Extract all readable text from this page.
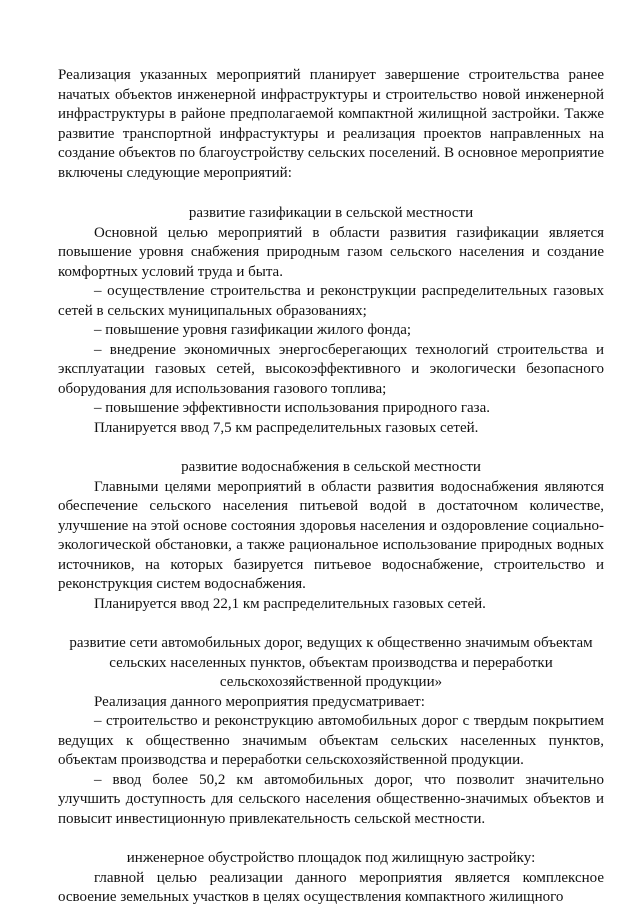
Реализация указанных мероприятий планирует завершение строительства ранее начатых объектов инженерной инфраструктуры и строительство новой инженерной инфраструктуры в районе предполагаемой компактной жилищной застройки. Также развитие транспортной инфрастуктуры и реализация проектов направленных на создание объектов по благоустройству сельских поселений. В основное мероприятие включены следующие мероприятий:

развитие газификации в сельской местности

Основной целью мероприятий в области развития газификации является повышение уровня снабжения природным газом сельского населения и создание комфортных условий труда и быта.

– осуществление строительства и реконструкции распределительных газовых сетей в сельских муниципальных образованиях;

– повышение уровня газификации жилого фонда;

– внедрение экономичных энергосберегающих технологий строительства и эксплуатации газовых сетей, высокоэффективного и экологически безопасного оборудования для использования газового топлива;

– повышение эффективности использования природного газа.

Планируется ввод 7,5 км распределительных газовых сетей.

развитие водоснабжения в сельской местности

Главными целями мероприятий в области развития водоснабжения являются обеспечение сельского населения питьевой водой в достаточном количестве, улучшение на этой основе состояния здоровья населения и оздоровление социально-экологической обстановки, а также рациональное использование природных водных источников, на которых базируется питьевое водоснабжение, строительство и реконструкция систем водоснабжения.

Планируется ввод 22,1 км распределительных газовых сетей.

развитие сети автомобильных дорог, ведущих к общественно значимым объектам

сельских населенных пунктов, объектам производства и переработки

сельскохозяйственной продукции»

Реализация данного мероприятия предусматривает:

– строительство и реконструкцию автомобильных дорог с твердым покрытием ведущих к общественно значимым объектам сельских населенных пунктов, объектам производства и переработки сельскохозяйственной продукции.

– ввод более 50,2 км автомобильных дорог, что позволит значительно улучшить доступность для сельского населения общественно-значимых объектов и повысит инвестиционную привлекательность сельской местности.

инженерное обустройство площадок под жилищную застройку:

главной целью реализации данного мероприятия является комплексное освоение земельных участков в целях осуществления компактного жилищного
